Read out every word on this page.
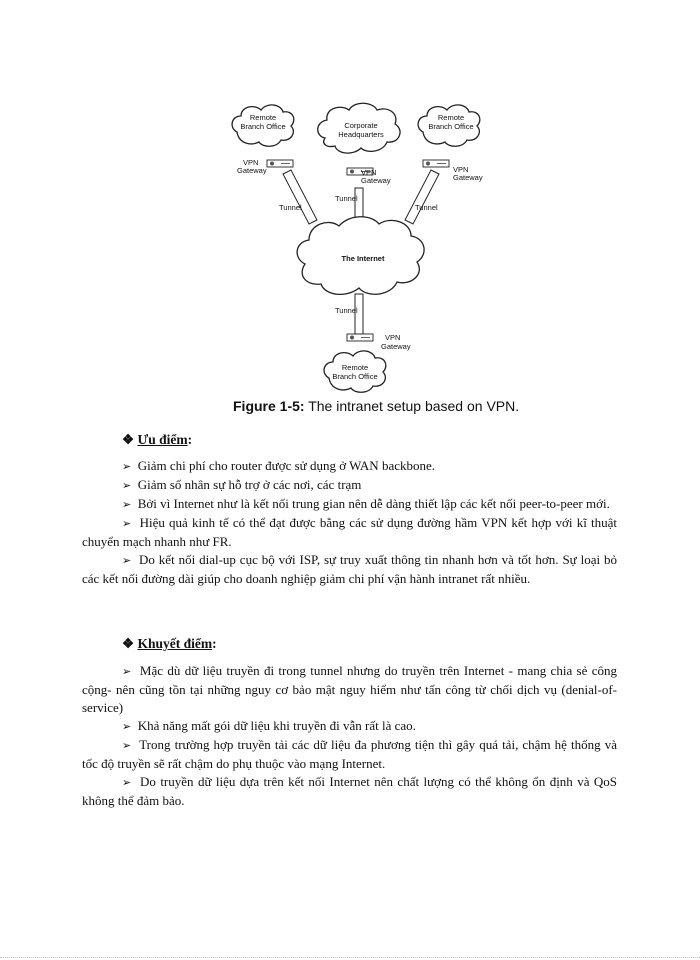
Remote
Branch Office	Corporate
Headquarters
Remote
Branch Office
The Internet
Remote
Branch Office
VPN
Gateway	VPN
Gateway
VPN
Gateway
VPN
Gateway
Tunnel
Tunnel
Tunnel
Tunnel
Figure 1-5: The intranet setup based on VPN.
❖ Ưu điểm:

➢ Giảm chi phí cho router được sử dụng ở WAN backbone.

➢ Giảm số nhân sự hỗ trợ ở các nơi, các trạm

➢ Bởi vì Internet như là kết nối trung gian nên dễ dàng thiết lập các kết nối peer-to-peer mới.

➢ Hiệu quả kinh tế có thể đạt được bằng các sử dụng đường hầm VPN kết hợp với kĩ thuật chuyển mạch nhanh như FR.

➢ Do kết nối dial-up cục bộ với ISP, sự truy xuất thông tin nhanh hơn và tốt hơn. Sự loại bỏ các kết nối đường dài giúp cho doanh nghiệp giảm chi phí vận hành intranet rất nhiều.

❖ Khuyết điểm:

➢ Mặc dù dữ liệu truyền đi trong tunnel nhưng do truyền trên Internet - mang chia sẻ công cộng- nên cũng tồn tại những nguy cơ bảo mật nguy hiểm như tấn công từ chối dịch vụ (denial-of-service)

➢ Khả năng mất gói dữ liệu khi truyền đi vẫn rất là cao.

➢ Trong trường hợp truyền tải các dữ liệu đa phương tiện thì gây quá tải, chậm hệ thống và tốc độ truyền sẽ rất chậm do phụ thuộc vào mạng Internet.

➢ Do truyền dữ liệu dựa trên kết nối Internet nên chất lượng có thể không ổn định và QoS không thể đảm bảo.
